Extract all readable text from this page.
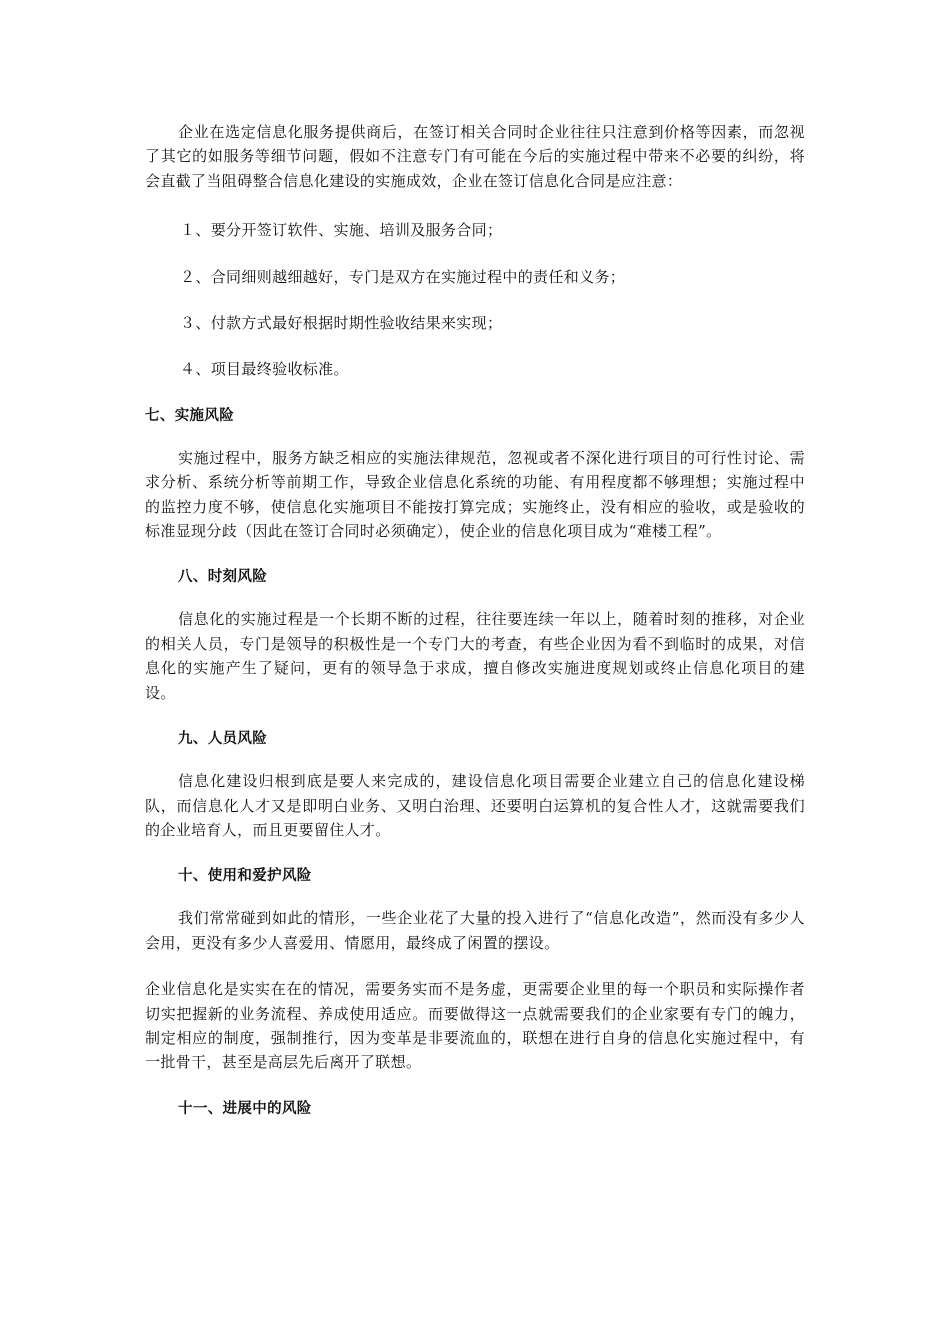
企业在选定信息化服务提供商后，在签订相关合同时企业往往只注意到价格等因素，而忽视了其它的如服务等细节问题，假如不注意专门有可能在今后的实施过程中带来不必要的纠纷，将会直截了当阻碍整合信息化建设的实施成效，企业在签订信息化合同是应注意：

１、要分开签订软件、实施、培训及服务合同；

２、合同细则越细越好，专门是双方在实施过程中的责任和义务；

３、付款方式最好根据时期性验收结果来实现；

４、项目最终验收标准。

七、实施风险

实施过程中，服务方缺乏相应的实施法律规范，忽视或者不深化进行项目的可行性讨论、需求分析、系统分析等前期工作，导致企业信息化系统的功能、有用程度都不够理想；实施过程中的监控力度不够，使信息化实施项目不能按打算完成；实施终止，没有相应的验收，或是验收的标准显现分歧（因此在签订合同时必须确定），使企业的信息化项目成为“难楼工程”。

八、时刻风险

信息化的实施过程是一个长期不断的过程，往往要连续一年以上，随着时刻的推移，对企业的相关人员，专门是领导的积极性是一个专门大的考查，有些企业因为看不到临时的成果，对信息化的实施产生了疑问，更有的领导急于求成，擅自修改实施进度规划或终止信息化项目的建设。

九、人员风险

信息化建设归根到底是要人来完成的，建设信息化项目需要企业建立自己的信息化建设梯队，而信息化人才又是即明白业务、又明白治理、还要明白运算机的复合性人才，这就需要我们的企业培育人，而且更要留住人才。

十、使用和爱护风险

我们常常碰到如此的情形，一些企业花了大量的投入进行了“信息化改造”，然而没有多少人会用，更没有多少人喜爱用、情愿用，最终成了闲置的摆设。

企业信息化是实实在在的情况，需要务实而不是务虚，更需要企业里的每一个职员和实际操作者切实把握新的业务流程、养成使用适应。而要做得这一点就需要我们的企业家要有专门的魄力，制定相应的制度，强制推行，因为变革是非要流血的，联想在进行自身的信息化实施过程中，有一批骨干，甚至是高层先后离开了联想。

十一、进展中的风险
